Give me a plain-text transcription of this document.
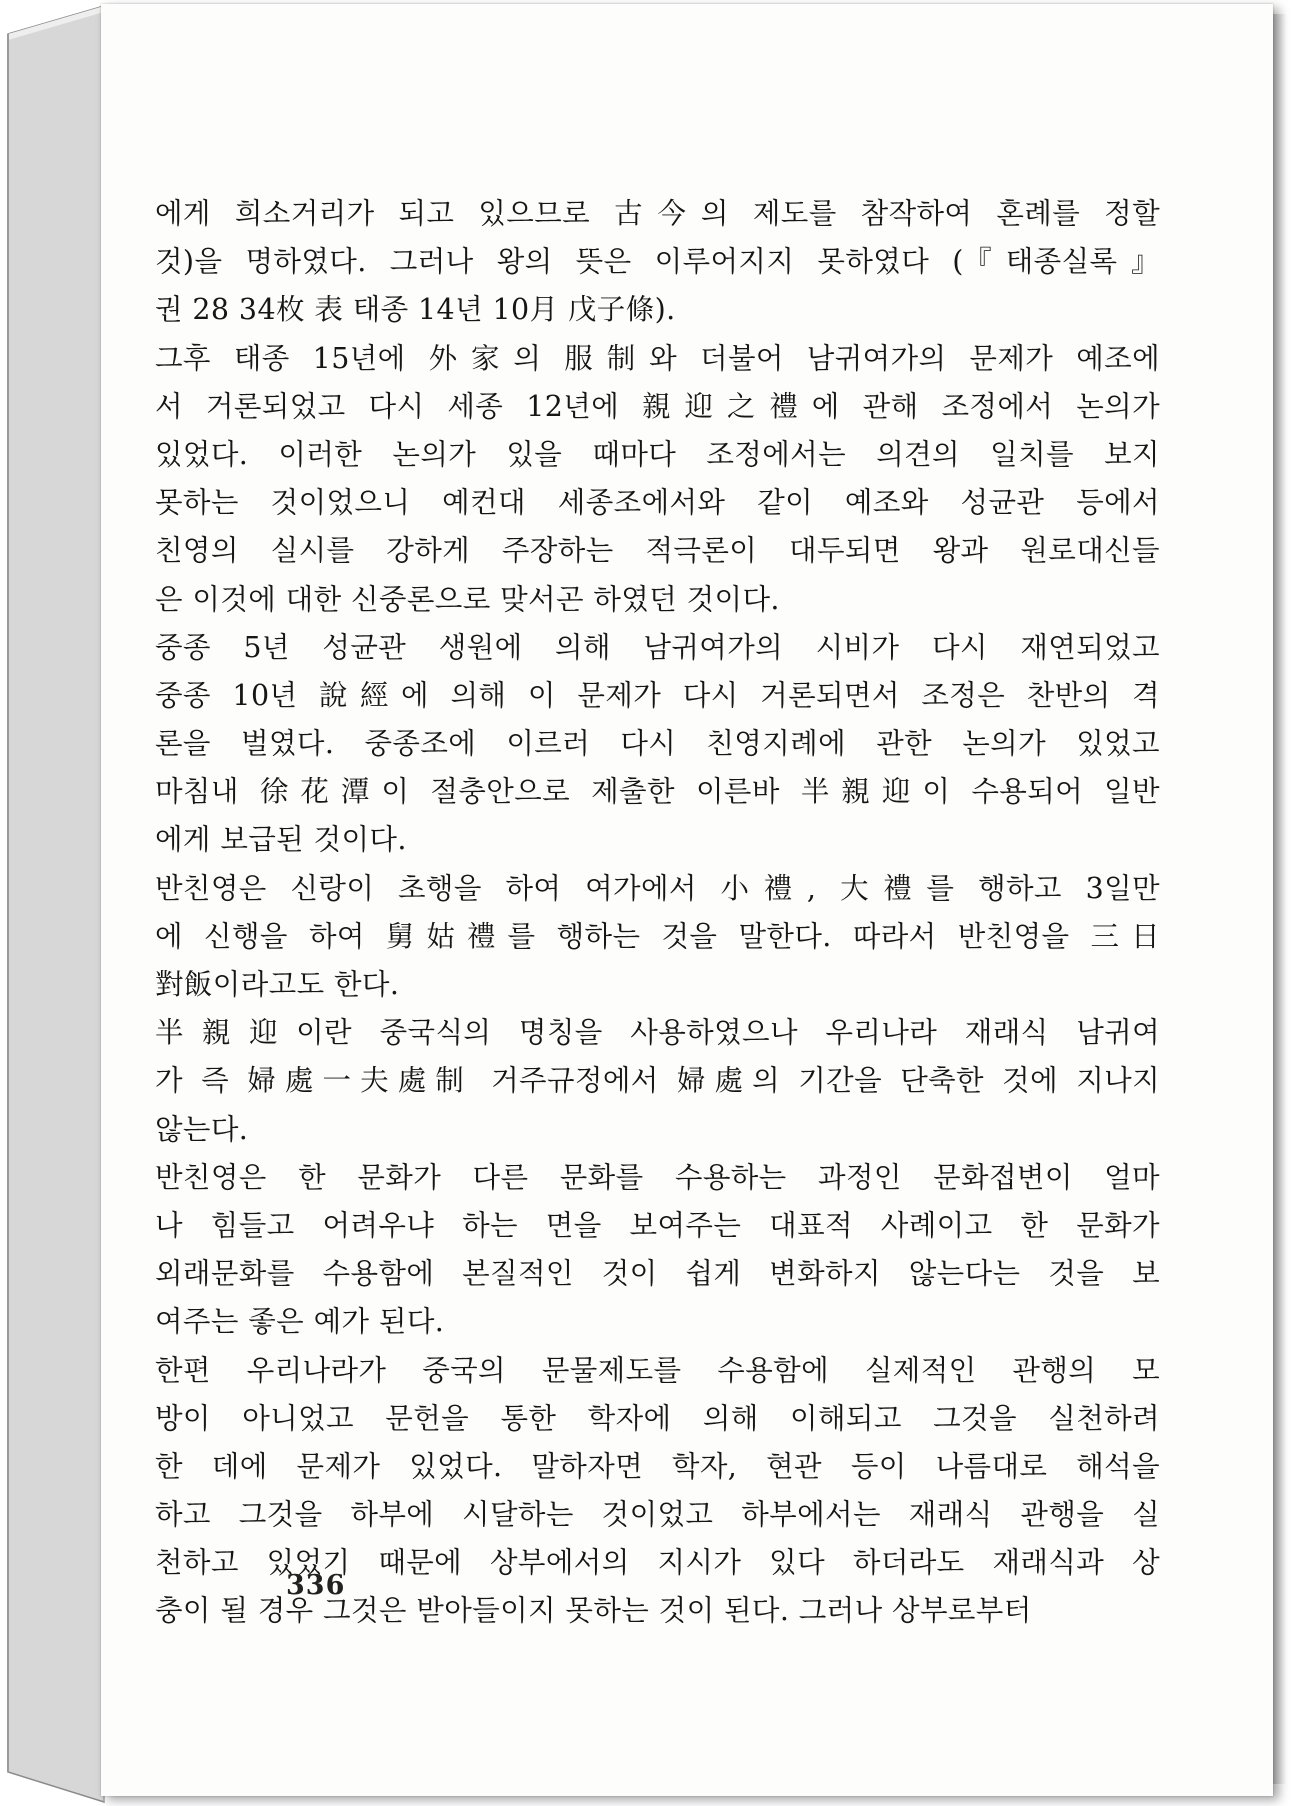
에게 희소거리가 되고 있으므로 古今의 제도를 참작하여 혼례를 정할
것)을 명하였다. 그러나 왕의 뜻은 이루어지지 못하였다 (『태종실록』
권 28 34枚 表 태종 14년 10月 戊子條).
그후 태종 15년에 外家의 服制와 더불어 남귀여가의 문제가 예조에
서 거론되었고 다시 세종 12년에 親迎之禮에 관해 조정에서 논의가
있었다. 이러한 논의가 있을 때마다 조정에서는 의견의 일치를 보지
못하는 것이었으니 예컨대 세종조에서와 같이 예조와 성균관 등에서
친영의 실시를 강하게 주장하는 적극론이 대두되면 왕과 원로대신들
은 이것에 대한 신중론으로 맞서곤 하였던 것이다.
중종 5년 성균관 생원에 의해 남귀여가의 시비가 다시 재연되었고
중종 10년 說經에 의해 이 문제가 다시 거론되면서 조정은 찬반의 격
론을 벌였다. 중종조에 이르러 다시 친영지례에 관한 논의가 있었고
마침내 徐花潭이 절충안으로 제출한 이른바 半親迎이 수용되어 일반
에게 보급된 것이다.
반친영은 신랑이 초행을 하여 여가에서 小禮, 大禮를 행하고 3일만
에 신행을 하여 舅姑禮를 행하는 것을 말한다. 따라서 반친영을 三日
對飯이라고도 한다.
半親迎이란 중국식의 명칭을 사용하였으나 우리나라 재래식 남귀여
가 즉 婦處一夫處制 거주규정에서 婦處의 기간을 단축한 것에 지나지
않는다.
반친영은 한 문화가 다른 문화를 수용하는 과정인 문화접변이 얼마
나 힘들고 어려우냐 하는 면을 보여주는 대표적 사례이고 한 문화가
외래문화를 수용함에 본질적인 것이 쉽게 변화하지 않는다는 것을 보
여주는 좋은 예가 된다.
한편 우리나라가 중국의 문물제도를 수용함에 실제적인 관행의 모
방이 아니었고 문헌을 통한 학자에 의해 이해되고 그것을 실천하려
한 데에 문제가 있었다. 말하자면 학자, 현관 등이 나름대로 해석을
하고 그것을 하부에 시달하는 것이었고 하부에서는 재래식 관행을 실
천하고 있었기 때문에 상부에서의 지시가 있다 하더라도 재래식과 상
충이 될 경우 그것은 받아들이지 못하는 것이 된다. 그러나 상부로부터
336
